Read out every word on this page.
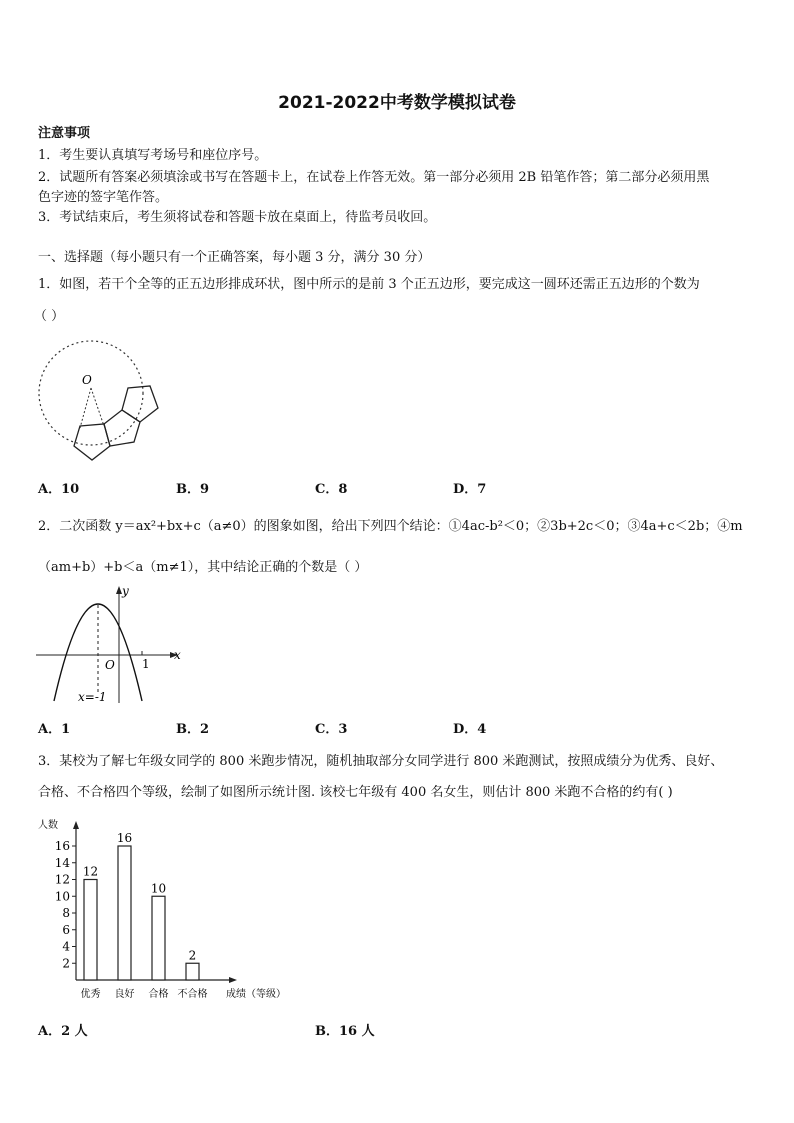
2021-2022中考数学模拟试卷
注意事项
1．考生要认真填写考场号和座位序号。
2．试题所有答案必须填涂或书写在答题卡上，在试卷上作答无效。第一部分必须用 2B 铅笔作答；第二部分必须用黑
色字迹的签字笔作答。
3．考试结束后，考生须将试卷和答题卡放在桌面上，待监考员收回。
一、选择题（每小题只有一个正确答案，每小题 3 分，满分 30 分）
1．如图，若干个全等的正五边形排成环状，图中所示的是前 3 个正五边形，要完成这一圆环还需正五边形的个数为
（ ）
O
A．10	B．9	C．8	D．7
2．二次函数 y＝ax²+bx+c（a≠0）的图象如图，给出下列四个结论：①4ac-b²＜0；②3b+2c＜0；③4a+c＜2b；④m
（am+b）+b＜a（m≠1），其中结论正确的个数是（ ）
y
x
O 1
x=-1
A．1	B．2	C．3	D．4
3．某校为了解七年级女同学的 800 米跑步情况，随机抽取部分女同学进行 800 米跑测试，按照成绩分为优秀、良好、
合格、不合格四个等级，绘制了如图所示统计图. 该校七年级有 400 名女生，则估计 800 米跑不合格的约有( )
人数
成绩（等级）
2
4
6
8
10
12
14
16
12
优秀
16
良好
10
合格
2
不合格
A．2 人	B．16 人
